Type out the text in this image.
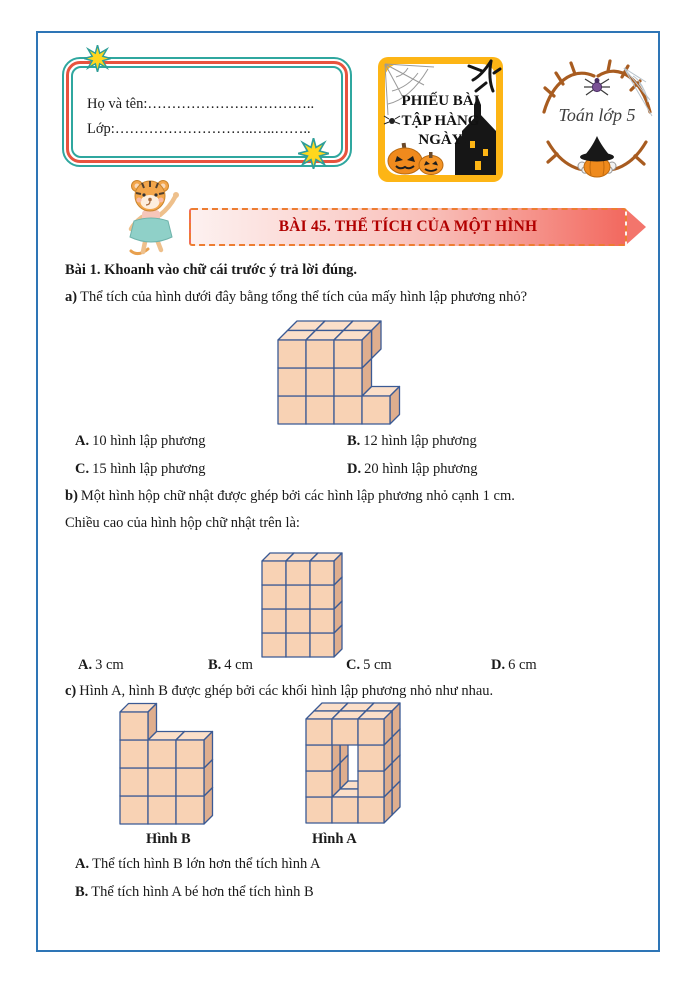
Họ và tên:……………………………..
Lớp:………………………..…..……..
PHIẾU BÀI
TẬP HÀNG
NGÀY
Toán lớp 5
BÀI 45. THỂ TÍCH CỦA MỘT HÌNH
Bài 1. Khoanh vào chữ cái trước ý trả lời đúng.
a) Thể tích của hình dưới đây bằng tổng thể tích của mấy hình lập phương nhỏ?
A. 10 hình lập phương	B. 12 hình lập phương
C. 15 hình lập phương	D. 20 hình lập phương
b) Một hình hộp chữ nhật được ghép bởi các hình lập phương nhỏ cạnh 1 cm.
Chiều cao của hình hộp chữ nhật trên là:
A. 3 cm	B. 4 cm	C. 5 cm	D. 6 cm
c) Hình A, hình B được ghép bởi các khối hình lập phương nhỏ như nhau.
Hình B	Hình A
A. Thể tích hình B lớn hơn thể tích hình A
B. Thể tích hình A bé hơn thể tích hình B
